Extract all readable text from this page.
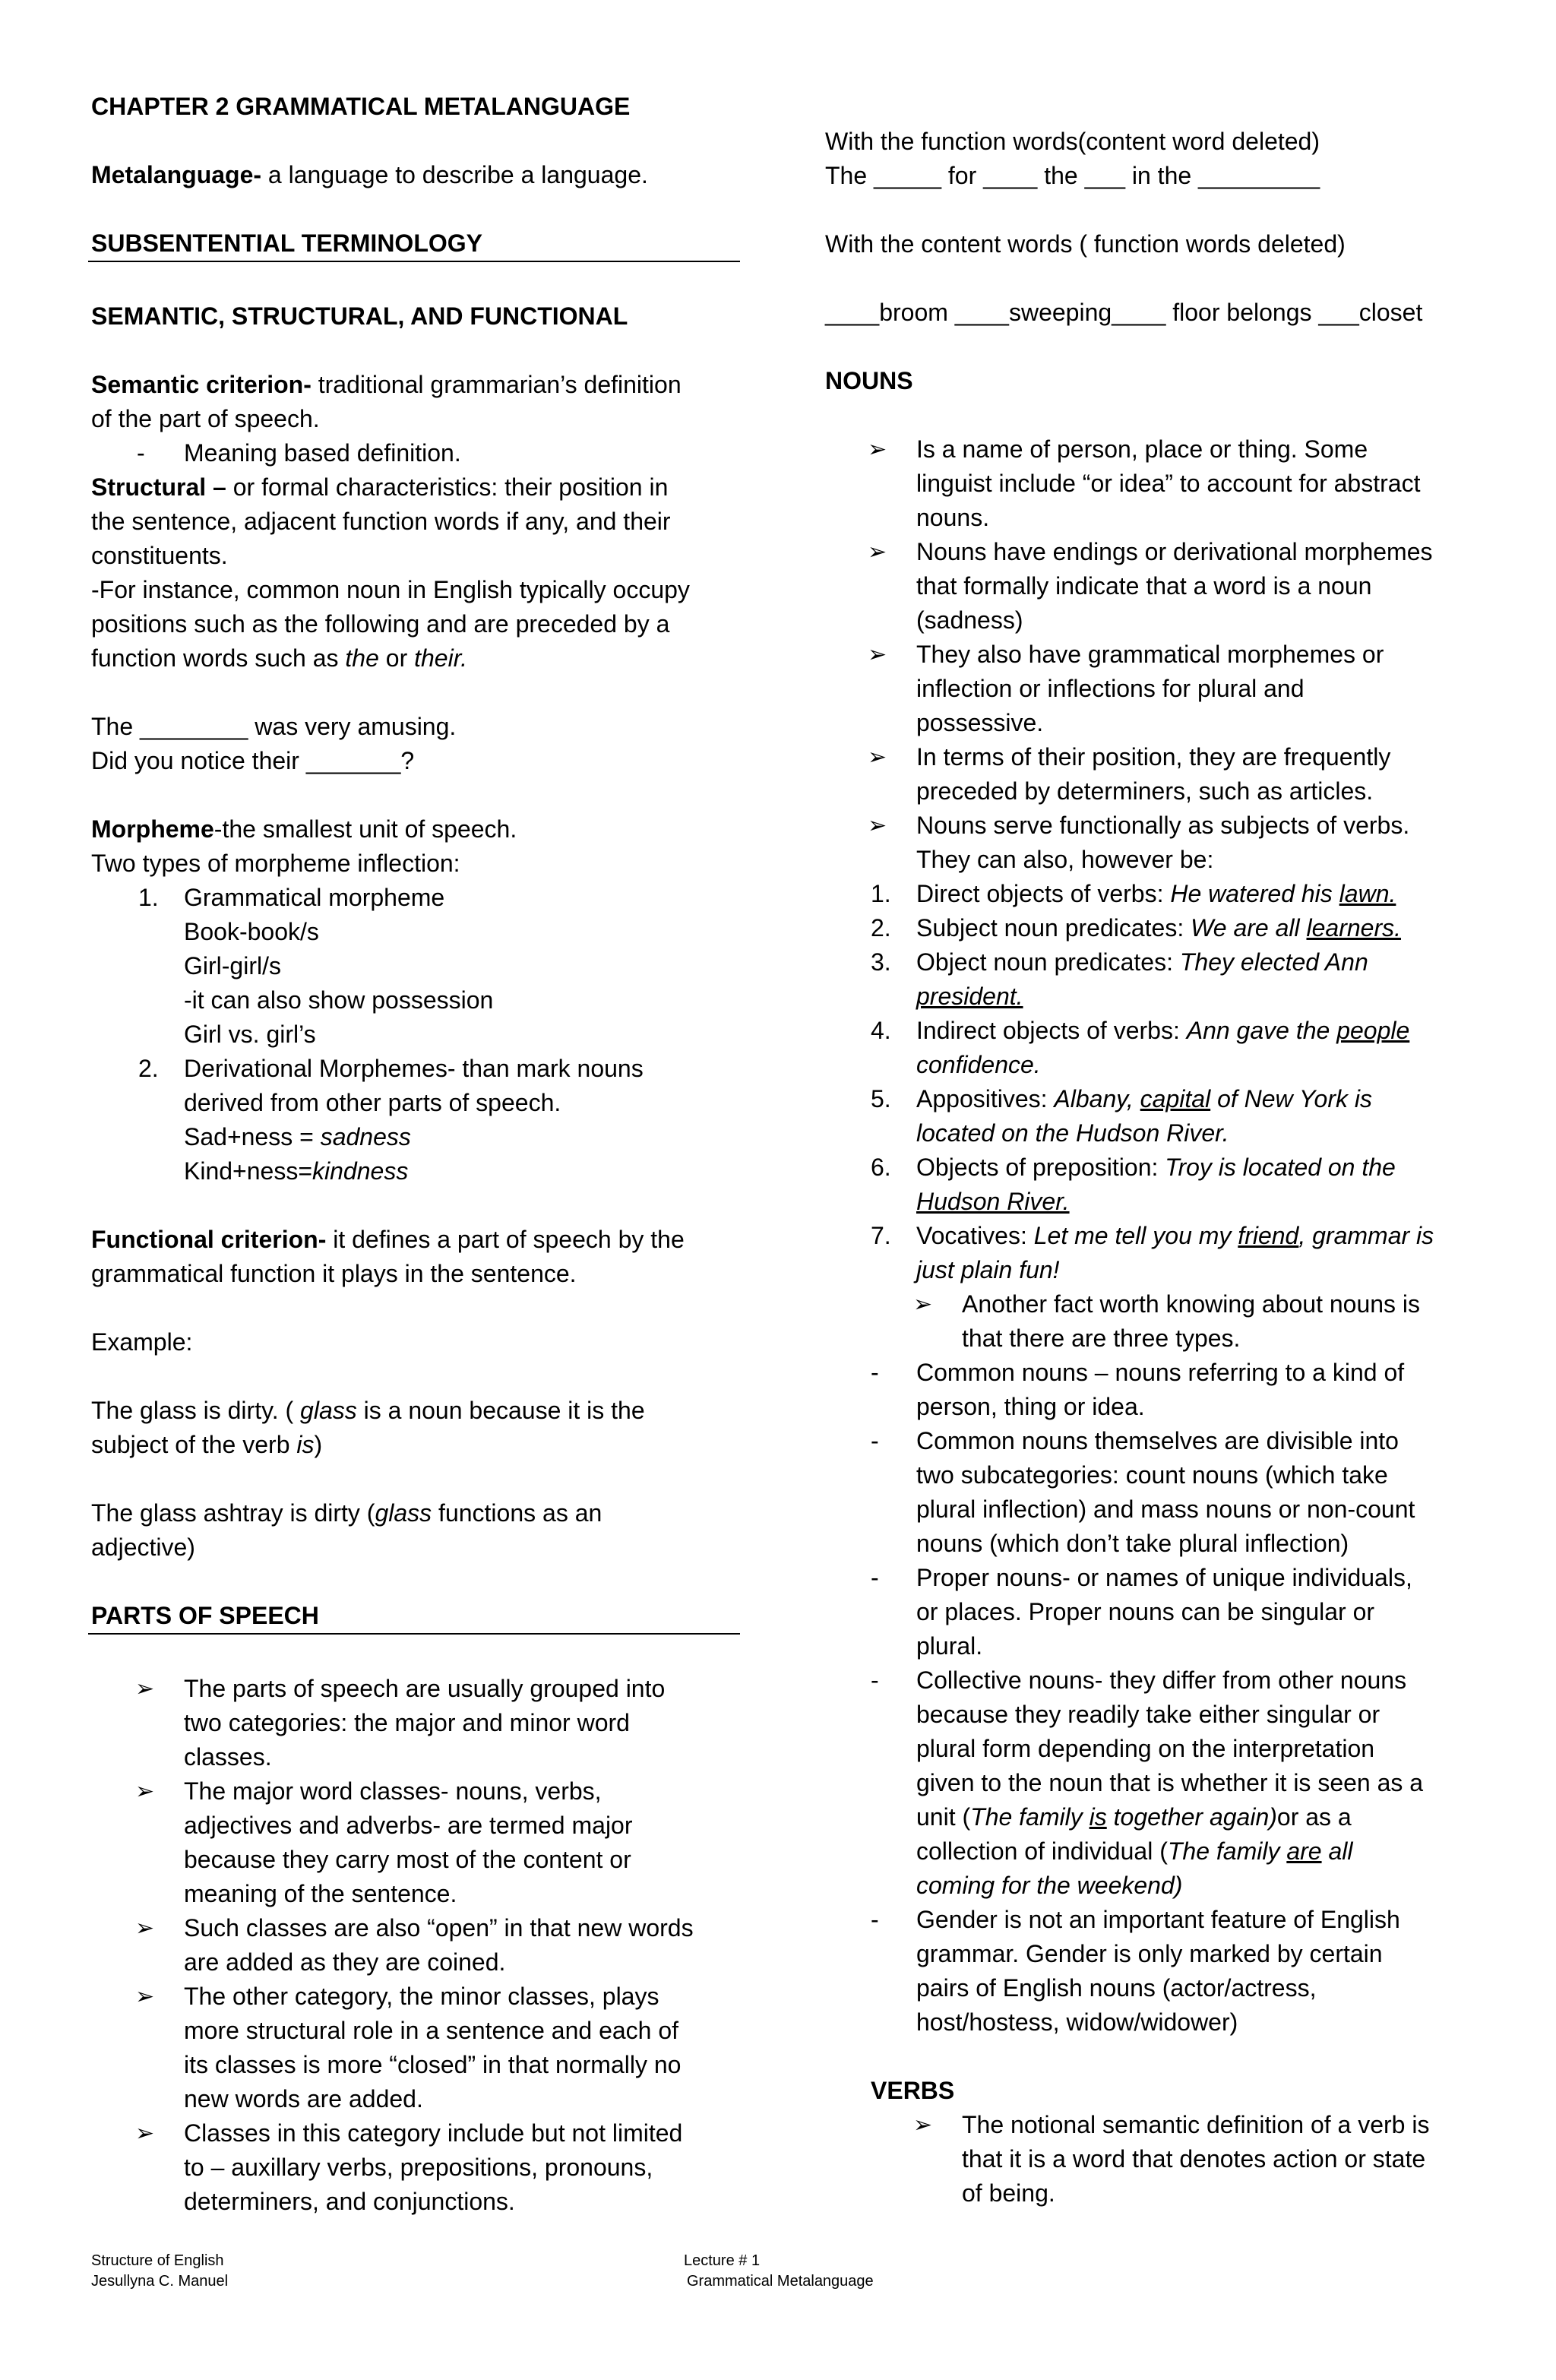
CHAPTER 2 GRAMMATICAL METALANGUAGE

Metalanguage- a language to describe a language.

SUBSENTENTIAL TERMINOLOGY

SEMANTIC, STRUCTURAL, AND FUNCTIONAL

Semantic criterion- traditional grammarian’s definition

of the part of speech.

- Meaning based definition.

Structural – or formal characteristics: their position in

the sentence, adjacent function words if any, and their

constituents.

-For instance, common noun in English typically occupy

positions such as the following and are preceded by a

function words such as the or their.

The ________ was very amusing.

Did you notice their _______?

Morpheme-the smallest unit of speech.

Two types of morpheme inflection:

1. Grammatical morpheme

Book-book/s

Girl-girl/s

-it can also show possession

Girl vs. girl’s

2. Derivational Morphemes- than mark nouns

derived from other parts of speech.

Sad+ness = sadness

Kind+ness=kindness

Functional criterion- it defines a part of speech by the

grammatical function it plays in the sentence.

Example:

The glass is dirty. ( glass is a noun because it is the

subject of the verb is)

The glass ashtray is dirty (glass functions as an

adjective)

PARTS OF SPEECH

➢ The parts of speech are usually grouped into

two categories: the major and minor word

classes.

➢ The major word classes- nouns, verbs,

adjectives and adverbs- are termed major

because they carry most of the content or

meaning of the sentence.

➢ Such classes are also “open” in that new words

are added as they are coined.

➢ The other category, the minor classes, plays

more structural role in a sentence and each of

its classes is more “closed” in that normally no

new words are added.

➢ Classes in this category include but not limited

to – auxillary verbs, prepositions, pronouns,

determiners, and conjunctions.

With the function words(content word deleted)

The _____ for ____ the ___ in the _________

With the content words ( function words deleted)

____broom ____sweeping____ floor belongs ___closet

NOUNS

➢ Is a name of person, place or thing. Some

linguist include “or idea” to account for abstract

nouns.

➢ Nouns have endings or derivational morphemes

that formally indicate that a word is a noun

(sadness)

➢ They also have grammatical morphemes or

inflection or inflections for plural and

possessive.

➢ In terms of their position, they are frequently

preceded by determiners, such as articles.

➢ Nouns serve functionally as subjects of verbs.

They can also, however be:

1. Direct objects of verbs: He watered his lawn.

2. Subject noun predicates: We are all learners.

3. Object noun predicates: They elected Ann

president.

4. Indirect objects of verbs: Ann gave the people

confidence.

5. Appositives: Albany, capital of New York is

located on the Hudson River.

6. Objects of preposition: Troy is located on the

Hudson River.

7. Vocatives: Let me tell you my friend, grammar is

just plain fun!

➢ Another fact worth knowing about nouns is

that there are three types.

- Common nouns – nouns referring to a kind of

person, thing or idea.

- Common nouns themselves are divisible into

two subcategories: count nouns (which take

plural inflection) and mass nouns or non-count

nouns (which don’t take plural inflection)

- Proper nouns- or names of unique individuals,

or places. Proper nouns can be singular or

plural.

- Collective nouns- they differ from other nouns

because they readily take either singular or

plural form depending on the interpretation

given to the noun that is whether it is seen as a

unit (The family is together again)or as a

collection of individual (The family are all

coming for the weekend)

- Gender is not an important feature of English

grammar. Gender is only marked by certain

pairs of English nouns (actor/actress,

host/hostess, widow/widower)

VERBS

➢ The notional semantic definition of a verb is

that it is a word that denotes action or state

of being.

Structure of English
Jesullyna C. Manuel
Lecture # 1
Grammatical Metalanguage
